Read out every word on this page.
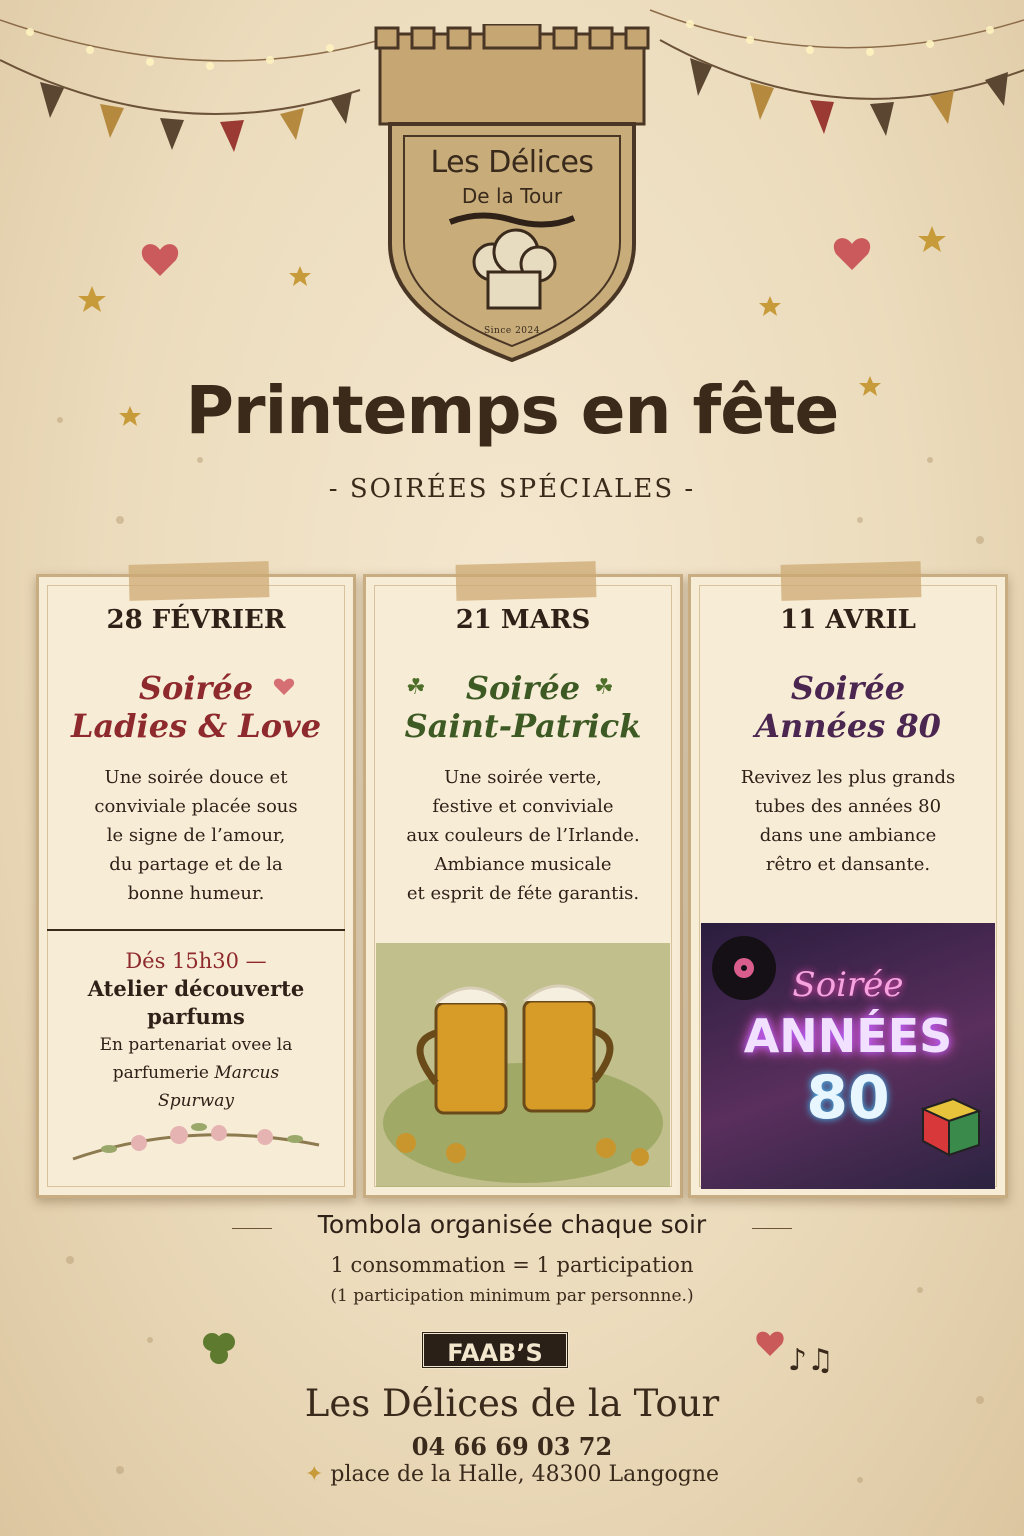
♪♫
Les Délices
De la Tour
Since 2024
Printemps en fête
- SOIRÉES SPÉCIALES -
28 FÉVRIER
Soirée
Ladies & Love
Une soirée douce et
conviviale placée sous
le signe de l’amour,
du partage et de la
bonne humeur.
Dés 15h30 —
Atelier découverte
parfums
En partenariat ovee la
parfumerie Marcus
Spurway
21 MARS
Soirée
Saint-Patrick
☘	☘
Une soirée verte,
festive et conviviale
aux couleurs de l’Irlande.
Ambiance musicale
et esprit de féte garantis.
11 AVRIL
Soirée
Années 80
Revivez les plus grands
tubes des années 80
dans une ambiance
rêtro et dansante.
Soirée
ANNÉES
80
Tombola organisée chaque soir
1 consommation = 1 participation
(1 participation minimum par personnne.)
FAAB’S
Les Délices de la Tour
04 66 69 03 72
✦ place de la Halle, 48300 Langogne
